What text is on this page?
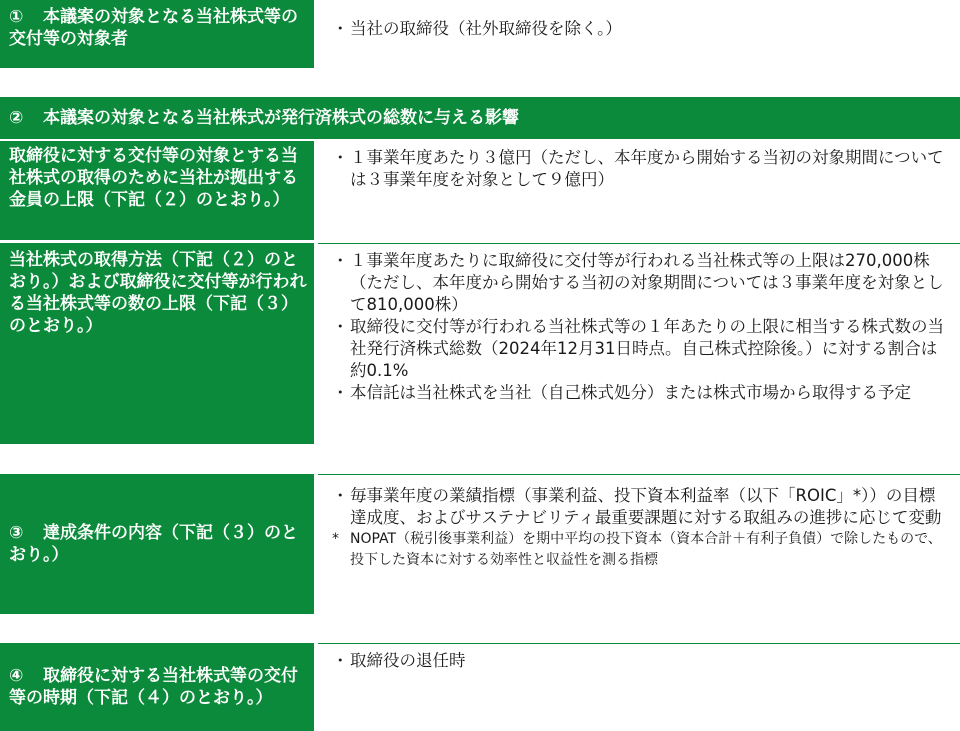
① 本議案の対象となる当社株式等の交付等の対象者
・ 当社の取締役（社外取締役を除く。）
②	本議案の対象となる当社株式が発行済株式の総数に与える影響
取締役に対する交付等の対象とする当社株式の取得のために当社が拠出する金員の上限（下記（２）のとおり。）
・ １事業年度あたり３億円（ただし、本年度から開始する当初の対象期間については３事業年度を対象として９億円）
当社株式の取得方法（下記（２）のとおり。）および取締役に交付等が行われる当社株式等の数の上限（下記（３）のとおり。）
・ １事業年度あたりに取締役に交付等が行われる当社株式等の上限は270,000株（ただし、本年度から開始する当初の対象期間については３事業年度を対象として810,000株）
・ 取締役に交付等が行われる当社株式等の１年あたりの上限に相当する株式数の当社発行済株式総数（2024年12月31日時点。自己株式控除後。）に対する割合は約0.1%
・ 本信託は当社株式を当社（自己株式処分）または株式市場から取得する予定
③ 達成条件の内容（下記（３）のとおり。）
・ 毎事業年度の業績指標（事業利益、投下資本利益率（以下「ROIC」*））の目標達成度、およびサステナビリティ最重要課題に対する取組みの進捗に応じて変動
* NOPAT（税引後事業利益）を期中平均の投下資本（資本合計＋有利子負債）で除したもので、投下した資本に対する効率性と収益性を測る指標
④ 取締役に対する当社株式等の交付等の時期（下記（４）のとおり。）
・ 取締役の退任時
